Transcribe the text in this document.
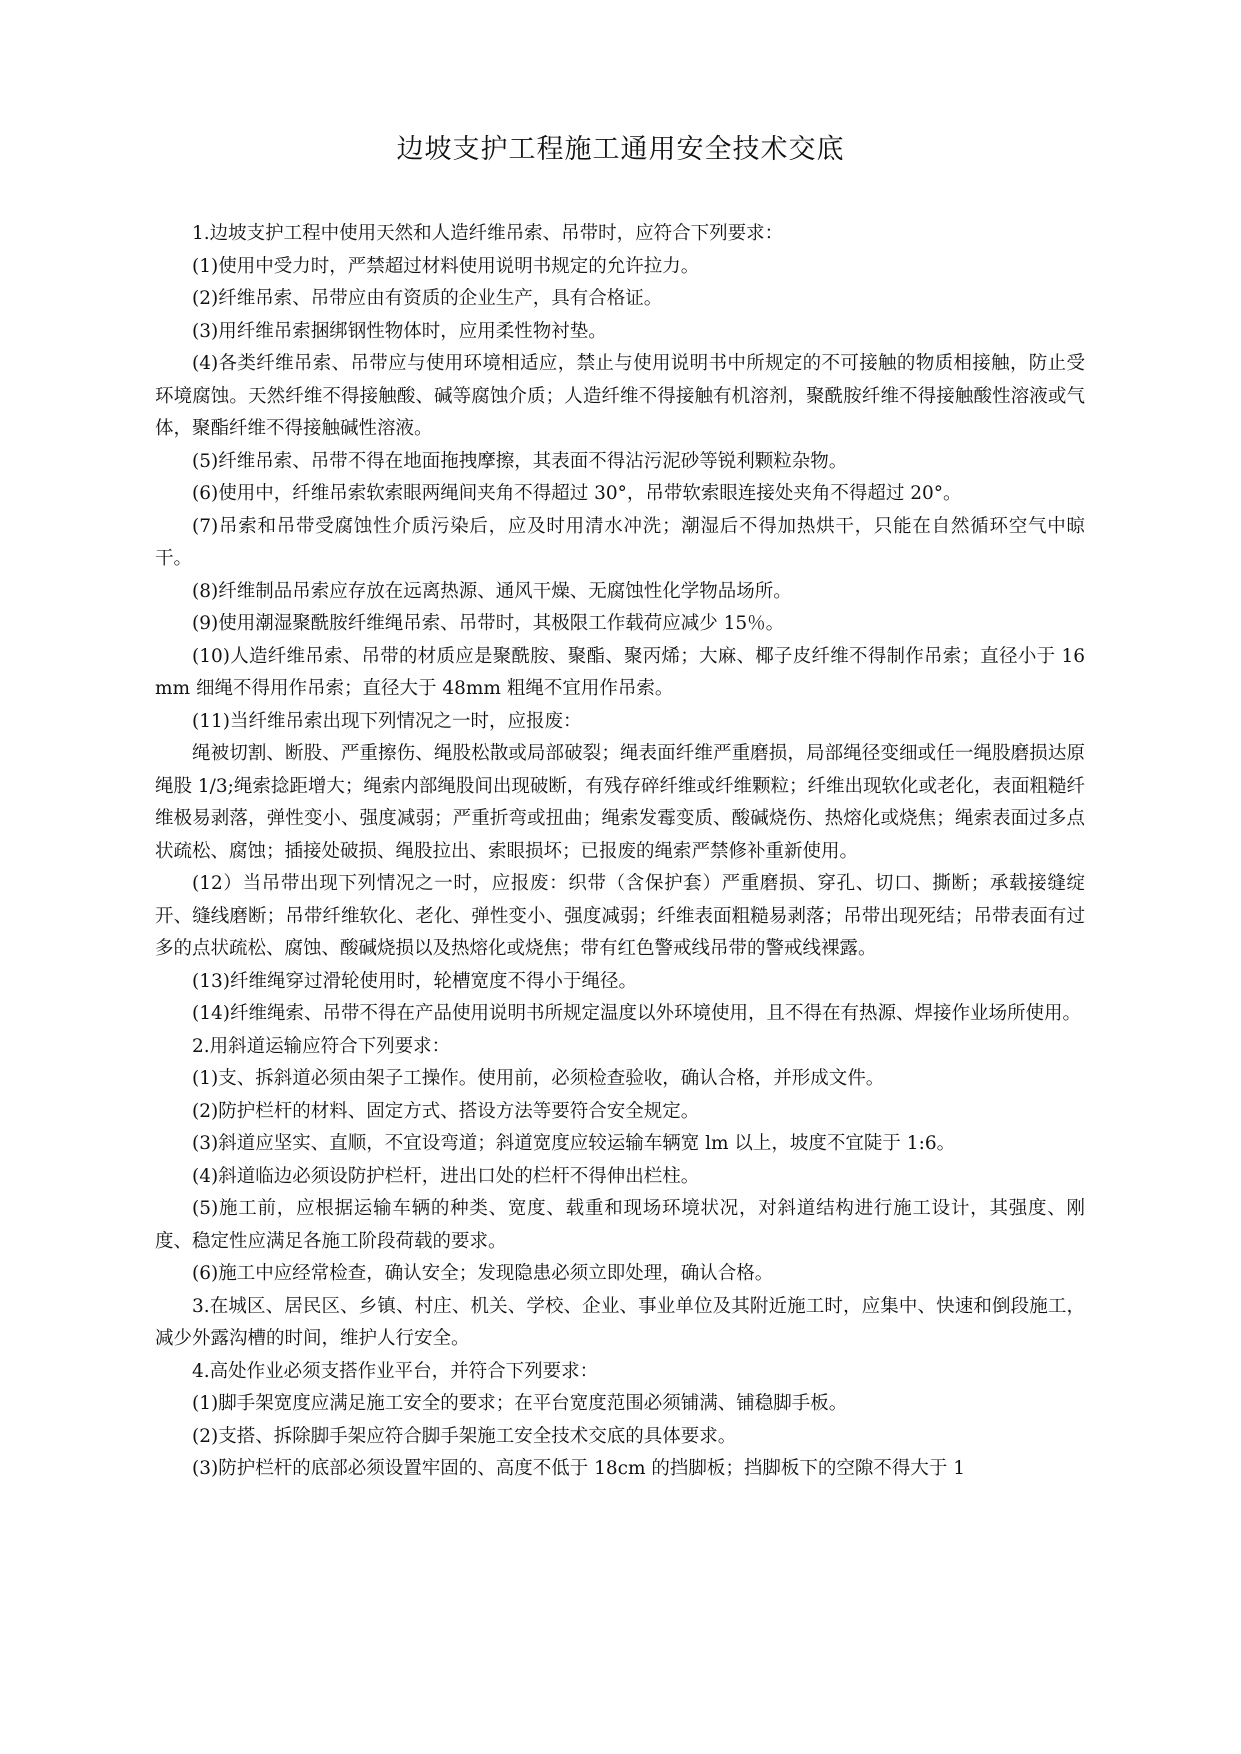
边坡支护工程施工通用安全技术交底

1.边坡支护工程中使用天然和人造纤维吊索、吊带时，应符合下列要求：

(1)使用中受力时，严禁超过材料使用说明书规定的允许拉力。

(2)纤维吊索、吊带应由有资质的企业生产，具有合格证。

(3)用纤维吊索捆绑钢性物体时，应用柔性物衬垫。

(4)各类纤维吊索、吊带应与使用环境相适应，禁止与使用说明书中所规定的不可接触的物质相接触，防止受环境腐蚀。天然纤维不得接触酸、碱等腐蚀介质；人造纤维不得接触有机溶剂，聚酰胺纤维不得接触酸性溶液或气体，聚酯纤维不得接触碱性溶液。

(5)纤维吊索、吊带不得在地面拖拽摩擦，其表面不得沾污泥砂等锐利颗粒杂物。

(6)使用中，纤维吊索软索眼两绳间夹角不得超过 30°，吊带软索眼连接处夹角不得超过 20°。

(7)吊索和吊带受腐蚀性介质污染后，应及时用清水冲洗；潮湿后不得加热烘干，只能在自然循环空气中晾干。

(8)纤维制品吊索应存放在远离热源、通风干燥、无腐蚀性化学物品场所。

(9)使用潮湿聚酰胺纤维绳吊索、吊带时，其极限工作载荷应减少 15％。

(10)人造纤维吊索、吊带的材质应是聚酰胺、聚酯、聚丙烯；大麻、椰子皮纤维不得制作吊索；直径小于 16mm 细绳不得用作吊索；直径大于 48mm 粗绳不宜用作吊索。

(11)当纤维吊索出现下列情况之一时，应报废：

绳被切割、断股、严重擦伤、绳股松散或局部破裂；绳表面纤维严重磨损，局部绳径变细或任一绳股磨损达原绳股 1/3;绳索捻距增大；绳索内部绳股间出现破断，有残存碎纤维或纤维颗粒；纤维出现软化或老化，表面粗糙纤维极易剥落，弹性变小、强度减弱；严重折弯或扭曲；绳索发霉变质、酸碱烧伤、热熔化或烧焦；绳索表面过多点状疏松、腐蚀；插接处破损、绳股拉出、索眼损坏；已报废的绳索严禁修补重新使用。

(12）当吊带出现下列情况之一时，应报废：织带（含保护套）严重磨损、穿孔、切口、撕断；承载接缝绽开、缝线磨断；吊带纤维软化、老化、弹性变小、强度减弱；纤维表面粗糙易剥落；吊带出现死结；吊带表面有过多的点状疏松、腐蚀、酸碱烧损以及热熔化或烧焦；带有红色警戒线吊带的警戒线裸露。

(13)纤维绳穿过滑轮使用时，轮槽宽度不得小于绳径。

(14)纤维绳索、吊带不得在产品使用说明书所规定温度以外环境使用，且不得在有热源、焊接作业场所使用。

2.用斜道运输应符合下列要求：

(1)支、拆斜道必须由架子工操作。使用前，必须检查验收，确认合格，并形成文件。

(2)防护栏杆的材料、固定方式、搭设方法等要符合安全规定。

(3)斜道应坚实、直顺，不宜设弯道；斜道宽度应较运输车辆宽 lm 以上，坡度不宜陡于 1:6。

(4)斜道临边必须设防护栏杆，进出口处的栏杆不得伸出栏柱。

(5)施工前，应根据运输车辆的种类、宽度、载重和现场环境状况，对斜道结构进行施工设计，其强度、刚度、稳定性应满足各施工阶段荷载的要求。

(6)施工中应经常检查，确认安全；发现隐患必须立即处理，确认合格。

3.在城区、居民区、乡镇、村庄、机关、学校、企业、事业单位及其附近施工时，应集中、快速和倒段施工，减少外露沟槽的时间，维护人行安全。

4.高处作业必须支搭作业平台，并符合下列要求：

(1)脚手架宽度应满足施工安全的要求；在平台宽度范围必须铺满、铺稳脚手板。

(2)支搭、拆除脚手架应符合脚手架施工安全技术交底的具体要求。

(3)防护栏杆的底部必须设置牢固的、高度不低于 18cm 的挡脚板；挡脚板下的空隙不得大于 1
